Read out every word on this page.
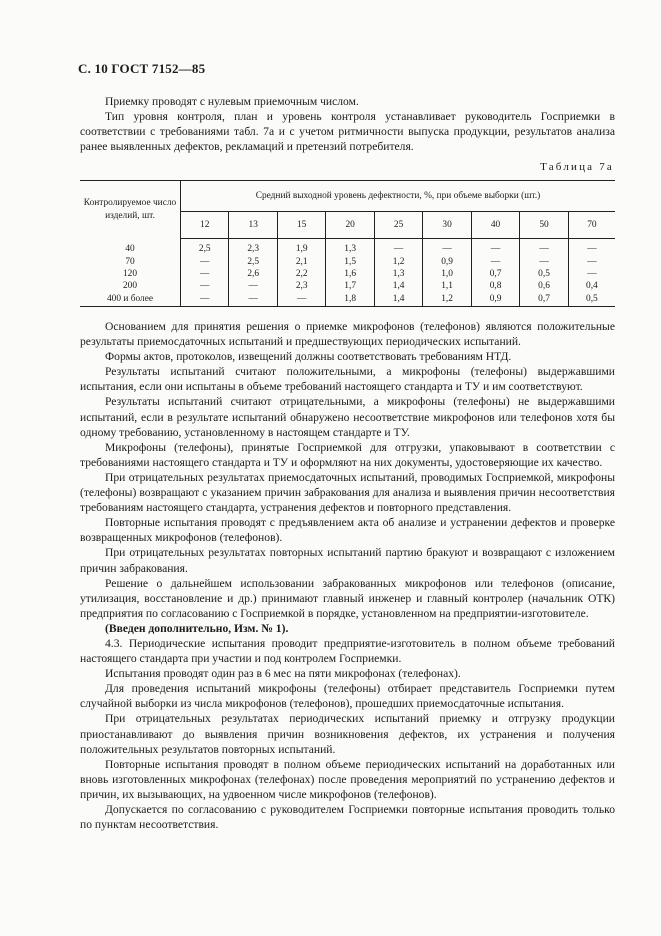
С. 10 ГОСТ 7152—85

Приемку проводят с нулевым приемочным числом.

Тип уровня контроля, план и уровень контроля устанавливает руководитель Госприемки в соответствии с требованиями табл. 7а и с учетом ритмичности выпуска продукции, результатов анализа ранее выявленных дефектов, рекламаций и претензий потребителя.

Таблица 7а
Контролируемое число изделий, шт.	Средний выходной уровень дефектности, %, при объеме выборки (шт.)								
	12	13	15	20	25	30	40	50	70
40	2,5	2,3	1,9	1,3	—	—	—	—	—
70	—	2,5	2,1	1,5	1,2	0,9	—	—	—
120	—	2,6	2,2	1,6	1,3	1,0	0,7	0,5	—
200	—	—	2,3	1,7	1,4	1,1	0,8	0,6	0,4
400 и более	—	—	—	1,8	1,4	1,2	0,9	0,7	0,5

Основанием для принятия решения о приемке микрофонов (телефонов) являются положительные результаты приемосдаточных испытаний и предшествующих периодических испытаний.

Формы актов, протоколов, извещений должны соответствовать требованиям НТД.

Результаты испытаний считают положительными, а микрофоны (телефоны) выдержавшими испытания, если они испытаны в объеме требований настоящего стандарта и ТУ и им соответствуют.

Результаты испытаний считают отрицательными, а микрофоны (телефоны) не выдержавшими испытаний, если в результате испытаний обнаружено несоответствие микрофонов или телефонов хотя бы одному требованию, установленному в настоящем стандарте и ТУ.

Микрофоны (телефоны), принятые Госприемкой для отгрузки, упаковывают в соответствии с требованиями настоящего стандарта и ТУ и оформляют на них документы, удостоверяющие их качество.

При отрицательных результатах приемосдаточных испытаний, проводимых Госприемкой, микрофоны (телефоны) возвращают с указанием причин забракования для анализа и выявления причин несоответствия требованиям настоящего стандарта, устранения дефектов и повторного представления.

Повторные испытания проводят с предъявлением акта об анализе и устранении дефектов и проверке возвращенных микрофонов (телефонов).

При отрицательных результатах повторных испытаний партию бракуют и возвращают с изложением причин забракования.

Решение о дальнейшем использовании забракованных микрофонов или телефонов (описание, утилизация, восстановление и др.) принимают главный инженер и главный контролер (начальник ОТК) предприятия по согласованию с Госприемкой в порядке, установленном на предприятии-изготовителе.

(Введен дополнительно, Изм. № 1).

4.3. Периодические испытания проводит предприятие-изготовитель в полном объеме требований настоящего стандарта при участии и под контролем Госприемки.

Испытания проводят один раз в 6 мес на пяти микрофонах (телефонах).

Для проведения испытаний микрофоны (телефоны) отбирает представитель Госприемки путем случайной выборки из числа микрофонов (телефонов), прошедших приемосдаточные испытания.

При отрицательных результатах периодических испытаний приемку и отгрузку продукции приостанавливают до выявления причин возникновения дефектов, их устранения и получения положительных результатов повторных испытаний.

Повторные испытания проводят в полном объеме периодических испытаний на доработанных или вновь изготовленных микрофонах (телефонах) после проведения мероприятий по устранению дефектов и причин, их вызывающих, на удвоенном числе микрофонов (телефонов).

Допускается по согласованию с руководителем Госприемки повторные испытания проводить только по пунктам несоответствия.
